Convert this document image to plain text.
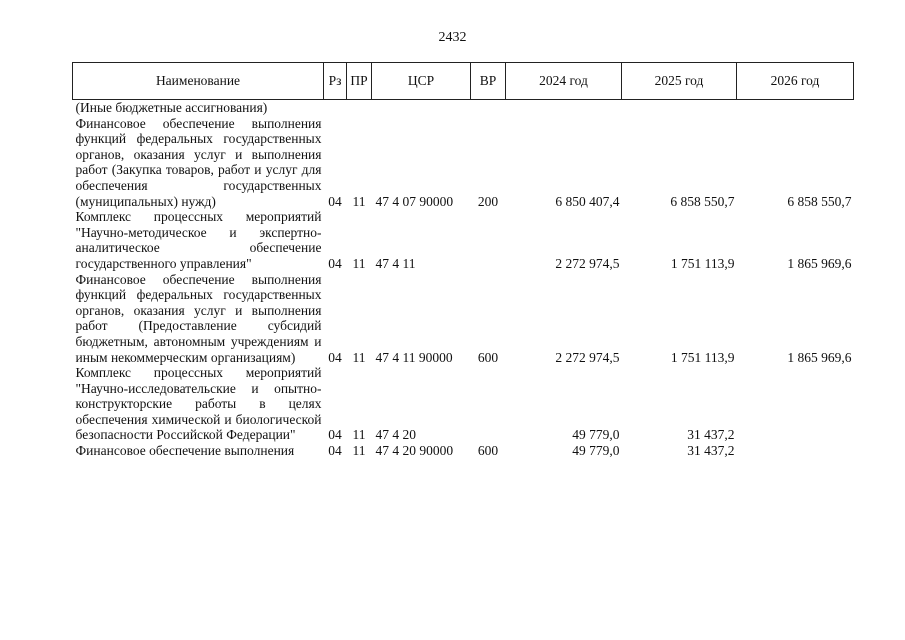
2432
Наименование	Рз	ПР	ЦСР	ВР	2024 год	2025 год	2026 год
(Иные бюджетные ассигнования)							
Финансовое обеспечение выполнения функций федеральных государственных органов, оказания услуг и выполнения работ (Закупка товаров, работ и услуг для обеспечения государственных (муниципальных) нужд)	04	11	47 4 07 90000	200	6 850 407,4	6 858 550,7	6 858 550,7
Комплекс процессных мероприятий "Научно-методическое и экспертно-аналитическое обеспечение государственного управления"	04	11	47 4 11		2 272 974,5	1 751 113,9	1 865 969,6
Финансовое обеспечение выполнения функций федеральных государственных органов, оказания услуг и выполнения работ (Предоставление субсидий бюджетным, автономным учреждениям и иным некоммерческим организациям)	04	11	47 4 11 90000	600	2 272 974,5	1 751 113,9	1 865 969,6
Комплекс процессных мероприятий "Научно-исследовательские и опытно-конструкторские работы в целях обеспечения химической и биологической безопасности Российской Федерации"	04	11	47 4 20		49 779,0	31 437,2	
Финансовое обеспечение выполнения	04	11	47 4 20 90000	600	49 779,0	31 437,2	
